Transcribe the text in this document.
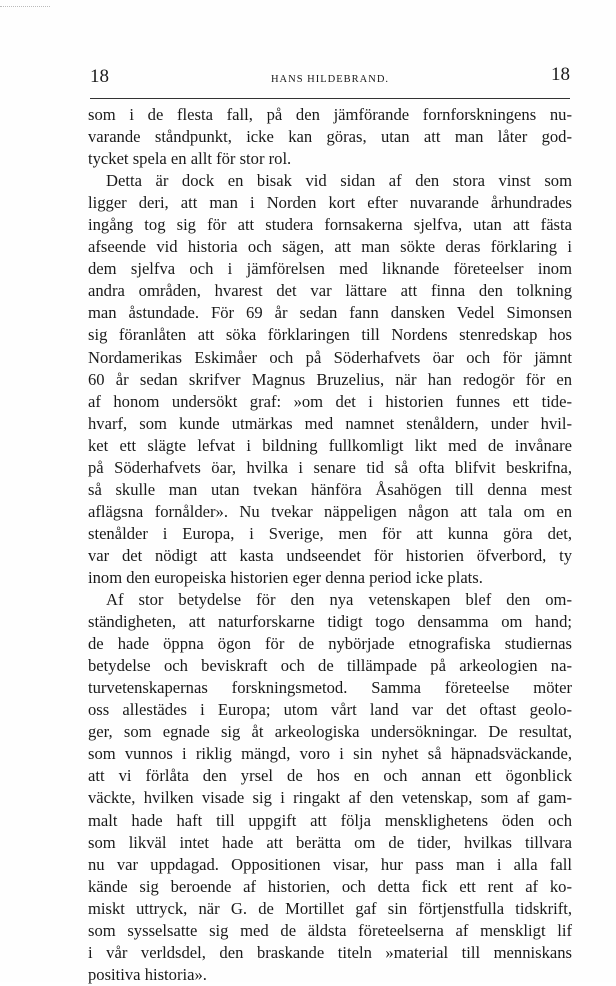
18	HANS HILDEBRAND.	18
som i de flesta fall, på den jämförande fornforskningens nu-
varande ståndpunkt, icke kan göras, utan att man låter god-
tycket spela en allt för stor rol.
Detta är dock en bisak vid sidan af den stora vinst som
ligger deri, att man i Norden kort efter nuvarande århundrades
ingång tog sig för att studera fornsakerna sjelfva, utan att fästa
afseende vid historia och sägen, att man sökte deras förklaring i
dem sjelfva och i jämförelsen med liknande företeelser inom
andra områden, hvarest det var lättare att finna den tolkning
man åstundade. För 69 år sedan fann dansken Vedel Simonsen
sig föranlåten att söka förklaringen till Nordens stenredskap hos
Nordamerikas Eskimåer och på Söderhafvets öar och för jämnt
60 år sedan skrifver Magnus Bruzelius, när han redogör för en
af honom undersökt graf: »om det i historien funnes ett tide-
hvarf, som kunde utmärkas med namnet stenåldern, under hvil-
ket ett slägte lefvat i bildning fullkomligt likt med de invånare
på Söderhafvets öar, hvilka i senare tid så ofta blifvit beskrifna,
så skulle man utan tvekan hänföra Åsahögen till denna mest
aflägsna fornålder». Nu tvekar näppeligen någon att tala om en
stenålder i Europa, i Sverige, men för att kunna göra det,
var det nödigt att kasta undseendet för historien öfverbord, ty
inom den europeiska historien eger denna period icke plats.
Af stor betydelse för den nya vetenskapen blef den om-
ständigheten, att naturforskarne tidigt togo densamma om hand;
de hade öppna ögon för de nybörjade etnografiska studiernas
betydelse och beviskraft och de tillämpade på arkeologien na-
turvetenskapernas forskningsmetod. Samma företeelse möter
oss allestädes i Europa; utom vårt land var det oftast geolo-
ger, som egnade sig åt arkeologiska undersökningar. De resultat,
som vunnos i riklig mängd, voro i sin nyhet så häpnadsväckande,
att vi förlåta den yrsel de hos en och annan ett ögonblick
väckte, hvilken visade sig i ringakt af den vetenskap, som af gam-
malt hade haft till uppgift att följa mensklighetens öden och
som likväl intet hade att berätta om de tider, hvilkas tillvara
nu var uppdagad. Oppositionen visar, hur pass man i alla fall
kände sig beroende af historien, och detta fick ett rent af ko-
miskt uttryck, när G. de Mortillet gaf sin förtjenstfulla tidskrift,
som sysselsatte sig med de äldsta företeelserna af menskligt lif
i vår verldsdel, den braskande titeln »material till menniskans
positiva historia».
